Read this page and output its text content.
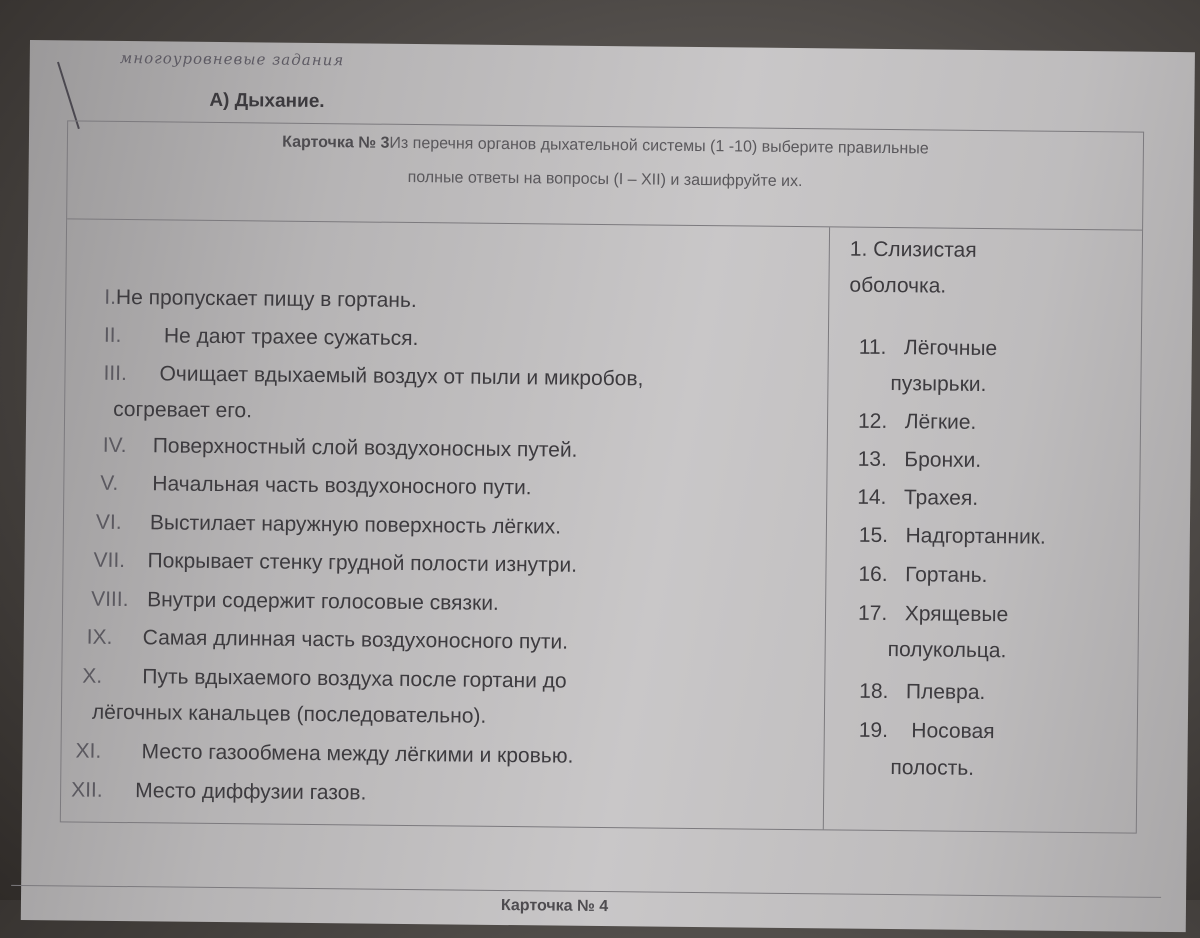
многоуровневые задания
А) Дыхание.
Карточка № 3Из перечня органов дыхательной системы (1 -10) выберите правильные
полные ответы на вопросы (I – XII) и зашифруйте их.
I.Не пропускает пищу в гортань.
II. Не дают трахее сужаться.
III. Очищает вдыхаемый воздух от пыли и микробов,
согревает его.
IV. Поверхностный слой воздухоносных путей.
V. Начальная часть воздухоносного пути.
VI. Выстилает наружную поверхность лёгких.
VII. Покрывает стенку грудной полости изнутри.
VIII. Внутри содержит голосовые связки.
IX. Самая длинная часть воздухоносного пути.
X. Путь вдыхаемого воздуха после гортани до
лёгочных канальцев (последовательно).
XI. Место газообмена между лёгкими и кровью.
XII. Место диффузии газов.
1. Слизистая
оболочка.
11. Лёгочные
пузырьки.
12. Лёгкие.
13. Бронхи.
14. Трахея.
15. Надгортанник.
16. Гортань.
17. Хрящевые
полукольца.
18. Плевра.
19. Носовая
полость.
Карточка № 4
